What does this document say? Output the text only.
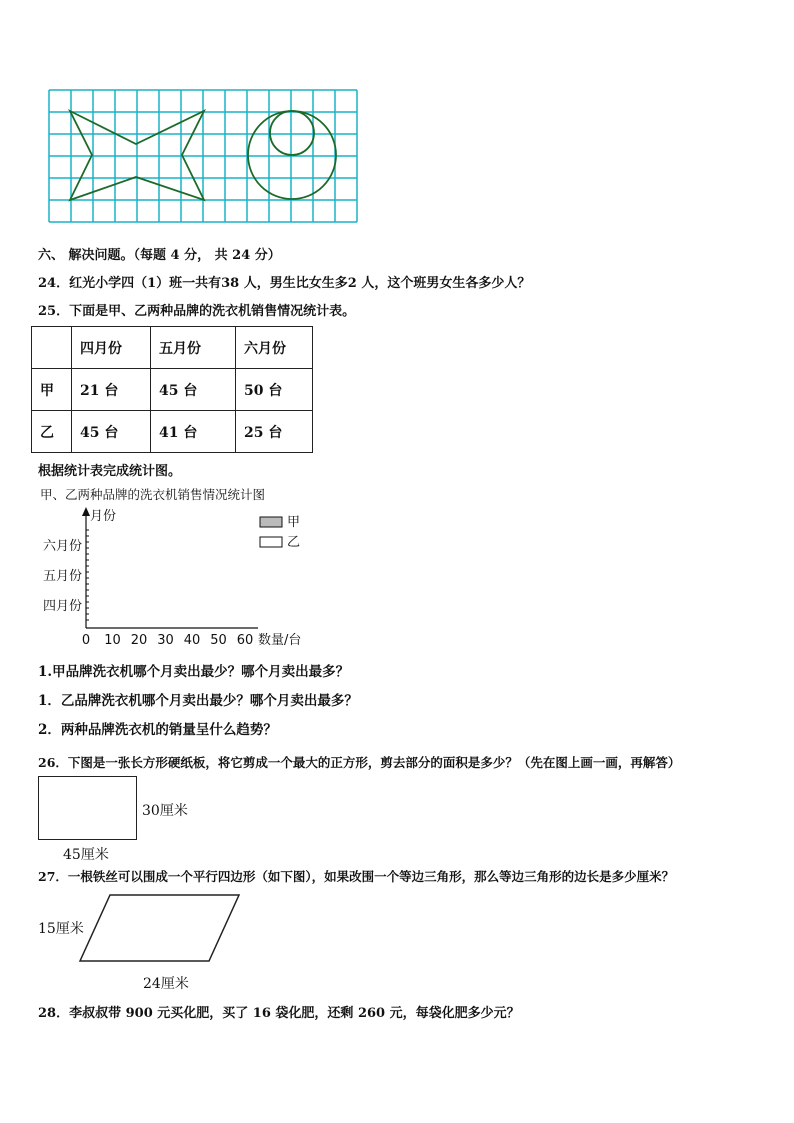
六、 解决问题。（每题 4 分， 共 24 分）
24．红光小学四（1）班一共有38 人，男生比女生多2 人，这个班男女生各多少人？
25．下面是甲、乙两种品牌的洗衣机销售情况统计表。
	四月份	五月份	六月份
甲	21 台	45 台	50 台
乙	45 台	41 台	25 台
根据统计表完成统计图。
甲、乙两种品牌的洗衣机销售情况统计图
月份
数量/台
0 10 20 30 40 50 60
四月份
五月份
六月份
甲
乙
1.甲品牌洗衣机哪个月卖出最少？哪个月卖出最多？
1．乙品牌洗衣机哪个月卖出最少？哪个月卖出最多？
2．两种品牌洗衣机的销量呈什么趋势？
26．下图是一张长方形硬纸板，将它剪成一个最大的正方形，剪去部分的面积是多少？（先在图上画一画，再解答）
30厘米
45厘米
27．一根铁丝可以围成一个平行四边形（如下图），如果改围一个等边三角形，那么等边三角形的边长是多少厘米？
15厘米
24厘米
28．李叔叔带 900 元买化肥，买了 16 袋化肥，还剩 260 元，每袋化肥多少元？
